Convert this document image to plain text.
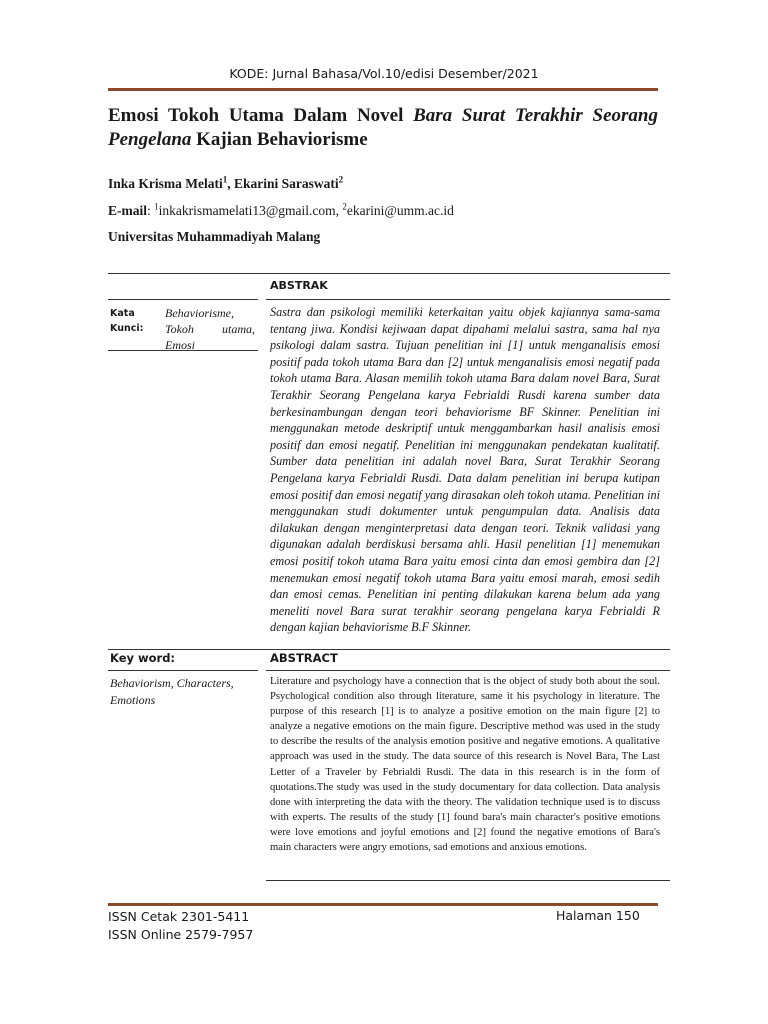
KODE: Jurnal Bahasa/Vol.10/edisi Desember/2021
Emosi Tokoh Utama Dalam Novel Bara Surat Terakhir Seorang Pengelana Kajian Behaviorisme
Inka Krisma Melati$^1$, Ekarini Saraswati$^2$
E-mail: $^1$inkakrismamelati13@gmail.com, $^2$ekarini@umm.ac.id
Universitas Muhammadiyah Malang
ABSTRAK
Kata Kunci:
Behaviorisme, Tokoh utama, Emosi
Sastra dan psikologi memiliki keterkaitan yaitu objek kajiannya sama-sama tentang jiwa. Kondisi kejiwaan dapat dipahami melalui sastra, sama hal nya psikologi dalam sastra. Tujuan penelitian ini [1] untuk menganalisis emosi positif pada tokoh utama Bara dan [2] untuk menganalisis emosi negatif pada tokoh utama Bara. Alasan memilih tokoh utama Bara dalam novel Bara, Surat Terakhir Seorang Pengelana karya Febrialdi Rusdi karena sumber data berkesinambungan dengan teori behaviorisme BF Skinner. Penelitian ini menggunakan metode deskriptif untuk menggambarkan hasil analisis emosi positif dan emosi negatif. Penelitian ini menggunakan pendekatan kualitatif. Sumber data penelitian ini adalah novel Bara, Surat Terakhir Seorang Pengelana karya Febrialdi Rusdi. Data dalam penelitian ini berupa kutipan emosi positif dan emosi negatif yang dirasakan oleh tokoh utama. Penelitian ini menggunakan studi dokumenter untuk pengumpulan data. Analisis data dilakukan dengan menginterpretasi data dengan teori. Teknik validasi yang digunakan adalah berdiskusi bersama ahli. Hasil penelitian [1] menemukan emosi positif tokoh utama Bara yaitu emosi cinta dan emosi gembira dan [2] menemukan emosi negatif tokoh utama Bara yaitu emosi marah, emosi sedih dan emosi cemas. Penelitian ini penting dilakukan karena belum ada yang meneliti novel Bara surat terakhir seorang pengelana karya Febrialdi R dengan kajian behaviorisme B.F Skinner.
Key word:	ABSTRACT
Behaviorism, Characters, Emotions
Literature and psychology have a connection that is the object of study both about the soul. Psychological condition also through literature, same it his psychology in literature. The purpose of this research [1] is to analyze a positive emotion on the main figure [2] to analyze a negative emotions on the main figure. Descriptive method was used in the study to describe the results of the analysis emotion positive and negative emotions. A qualitative approach was used in the study. The data source of this research is Novel Bara, The Last Letter of a Traveler by Febrialdi Rusdi. The data in this research is in the form of quotations.The study was used in the study documentary for data collection. Data analysis done with interpreting the data with the theory. The validation technique used is to discuss with experts. The results of the study [1] found bara's main character's positive emotions were love emotions and joyful emotions and [2] found the negative emotions of Bara's main characters were angry emotions, sad emotions and anxious emotions.
ISSN Cetak 2301-5411
ISSN Online 2579-7957
Halaman 150
